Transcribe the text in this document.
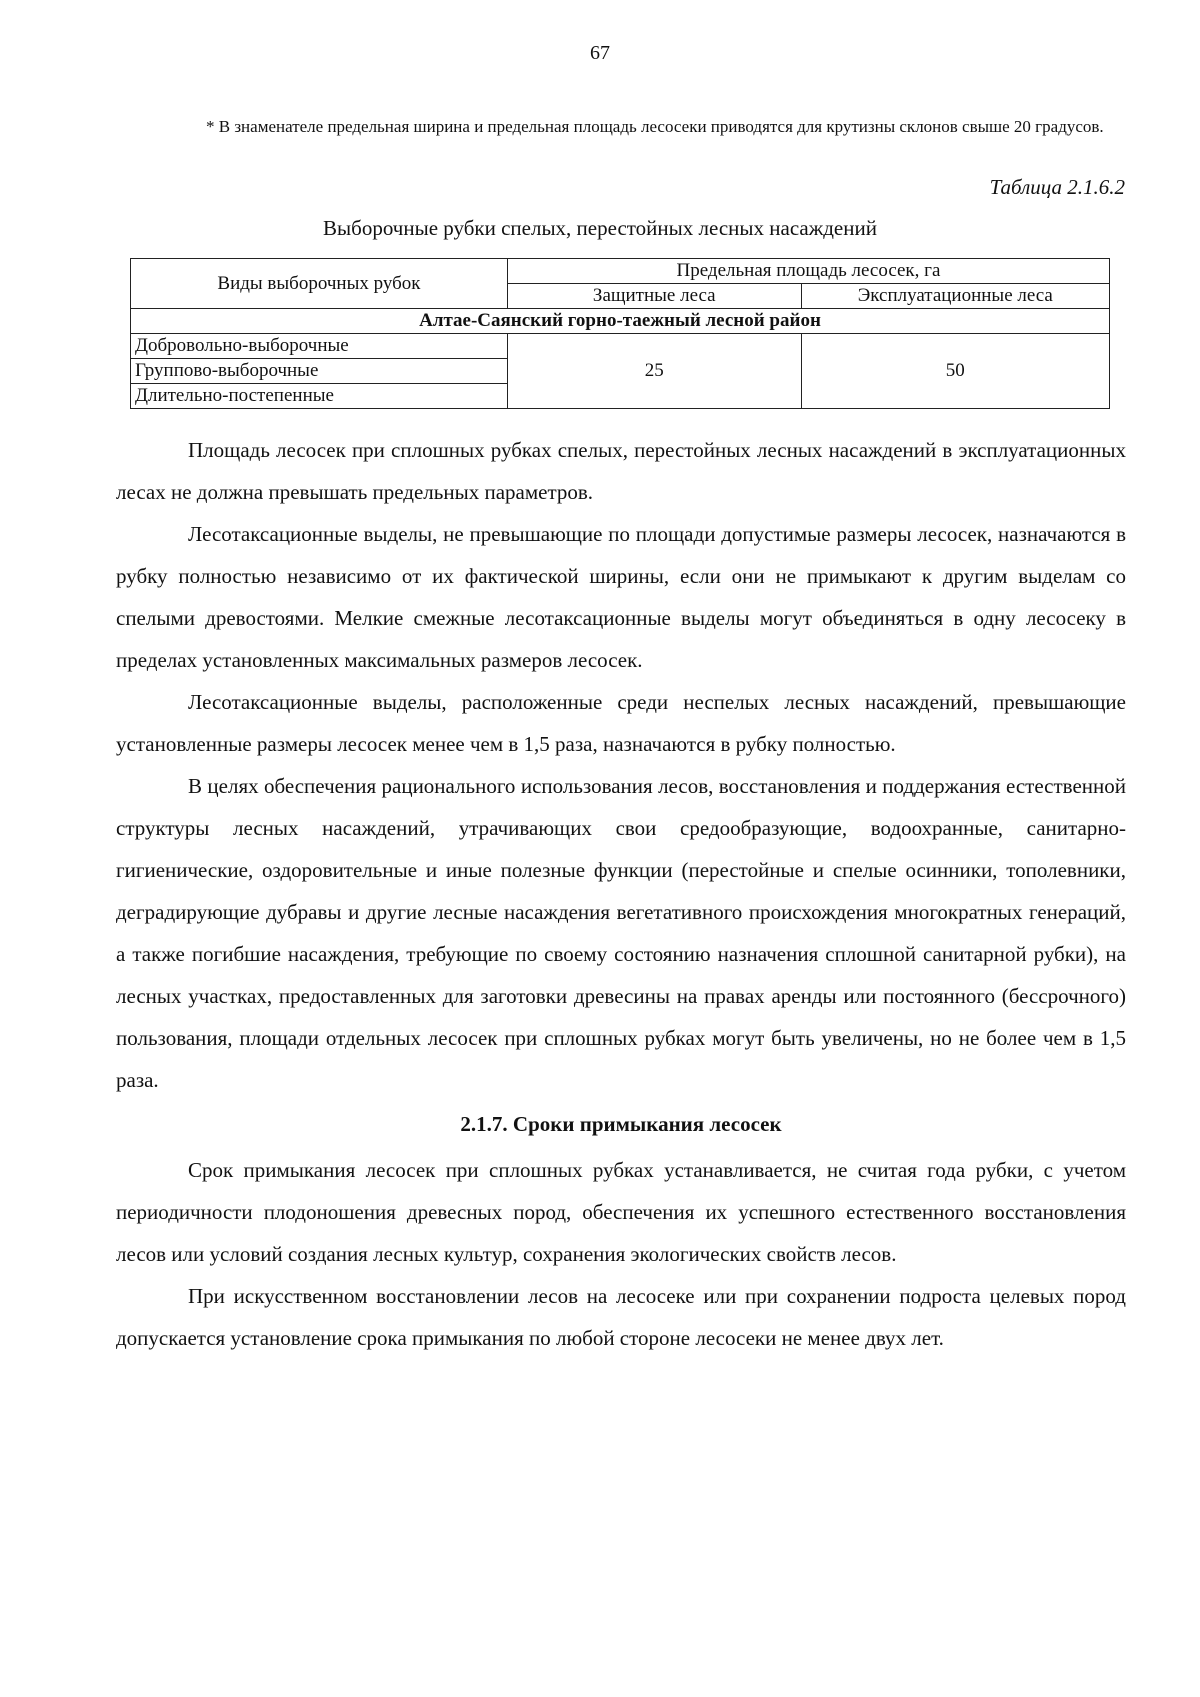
67
* В знаменателе предельная ширина и предельная площадь лесосеки приводятся для крутизны склонов свыше 20 градусов.
Таблица 2.1.6.2
Выборочные рубки спелых, перестойных лесных насаждений
Виды выборочных рубок	Предельная площадь лесосек, га	
	Защитные леса	Эксплуатационные леса
Алтае-Саянский горно-таежный лесной район		
Добровольно-выборочные	25	50
Группово-выборочные		
Длительно-постепенные		

Площадь лесосек при сплошных рубках спелых, перестойных лесных насаждений в эксплуатационных лесах не должна превышать предельных параметров.

Лесотаксационные выделы, не превышающие по площади допустимые размеры лесосек, назначаются в рубку полностью независимо от их фактической ширины, если они не примыкают к другим выделам со спелыми древостоями. Мелкие смежные лесотаксационные выделы могут объединяться в одну лесосеку в пределах установленных максимальных размеров лесосек.

Лесотаксационные выделы, расположенные среди неспелых лесных насаждений, превышающие установленные размеры лесосек менее чем в 1,5 раза, назначаются в рубку полностью.

В целях обеспечения рационального использования лесов, восстановления и поддержания естественной структуры лесных насаждений, утрачивающих свои средообразующие, водоохранные, санитарно-гигиенические, оздоровительные и иные полезные функции (перестойные и спелые осинники, тополевники, деградирующие дубравы и другие лесные насаждения вегетативного происхождения многократных генераций, а также погибшие насаждения, требующие по своему состоянию назначения сплошной санитарной рубки), на лесных участках, предоставленных для заготовки древесины на правах аренды или постоянного (бессрочного) пользования, площади отдельных лесосек при сплошных рубках могут быть увеличены, но не более чем в 1,5 раза.

2.1.7. Сроки примыкания лесосек

Срок примыкания лесосек при сплошных рубках устанавливается, не считая года рубки, с учетом периодичности плодоношения древесных пород, обеспечения их успешного естественного восстановления лесов или условий создания лесных культур, сохранения экологических свойств лесов.

При искусственном восстановлении лесов на лесосеке или при сохранении подроста целевых пород допускается установление срока примыкания по любой стороне лесосеки не менее двух лет.
